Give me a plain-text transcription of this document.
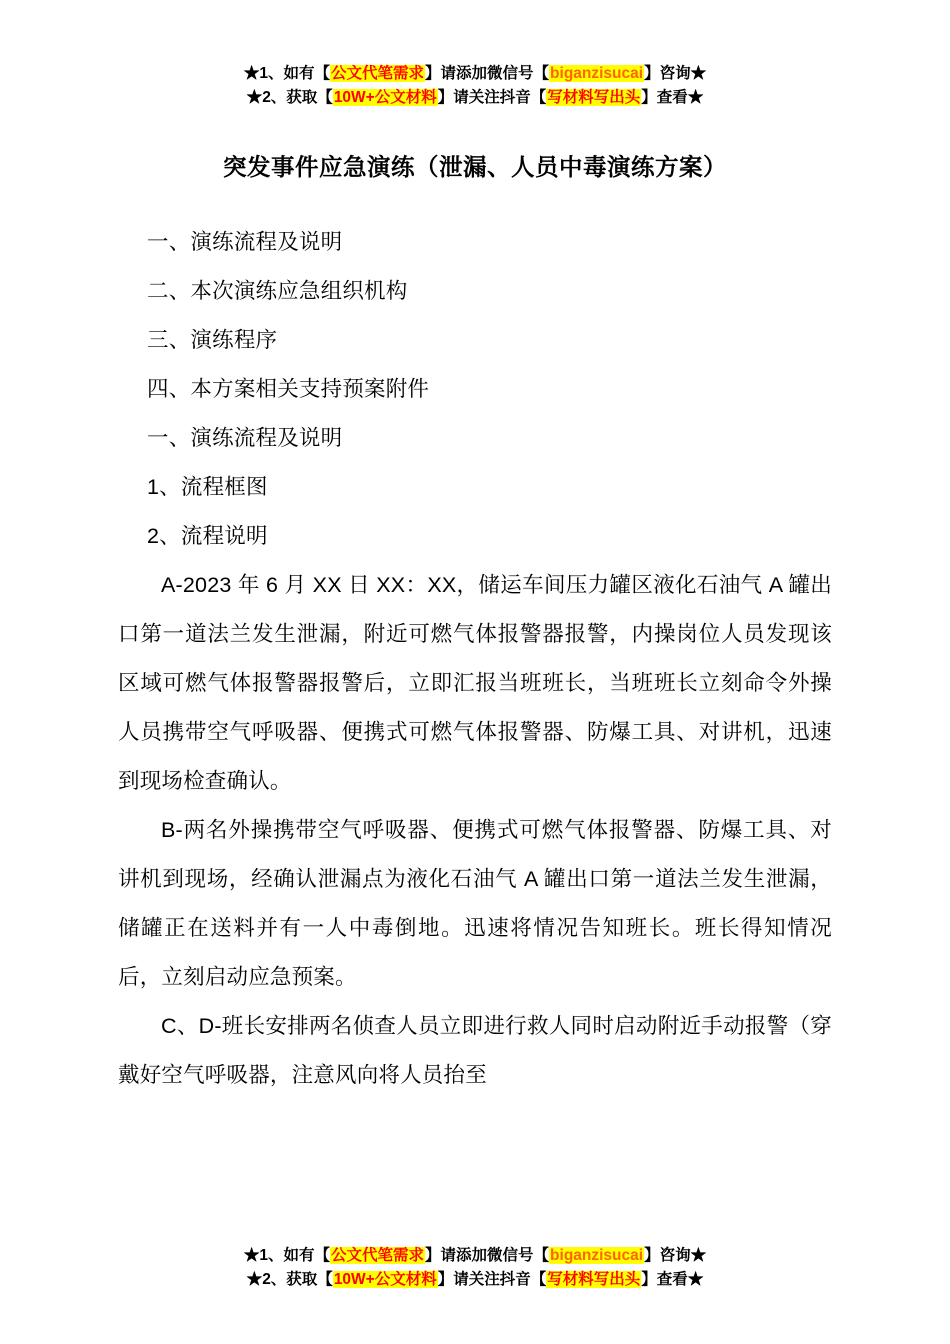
★1、如有【公文代笔需求】请添加微信号【biganzisucai】咨询★
★2、获取【10W+公文材料】请关注抖音【写材料写出头】查看★
突发事件应急演练（泄漏、人员中毒演练方案）

一、演练流程及说明

二、本次演练应急组织机构

三、演练程序

四、本方案相关支持预案附件

一、演练流程及说明

1、流程框图

2、流程说明

A‑2023 年 6 月 XX 日 XX：XX，储运车间压力罐区液化石油气 A 罐出口第一道法兰发生泄漏，附近可燃气体报警器报警，内操岗位人员发现该区域可燃气体报警器报警后，立即汇报当班班长，当班班长立刻命令外操人员携带空气呼吸器、便携式可燃气体报警器、防爆工具、对讲机，迅速到现场检查确认。

B‑两名外操携带空气呼吸器、便携式可燃气体报警器、防爆工具、对讲机到现场，经确认泄漏点为液化石油气 A 罐出口第一道法兰发生泄漏，储罐正在送料并有一人中毒倒地。迅速将情况告知班长。班长得知情况后，立刻启动应急预案。

C、D‑班长安排两名侦查人员立即进行救人同时启动附近手动报警（穿戴好空气呼吸器，注意风向将人员抬至

★1、如有【公文代笔需求】请添加微信号【biganzisucai】咨询★
★2、获取【10W+公文材料】请关注抖音【写材料写出头】查看★
